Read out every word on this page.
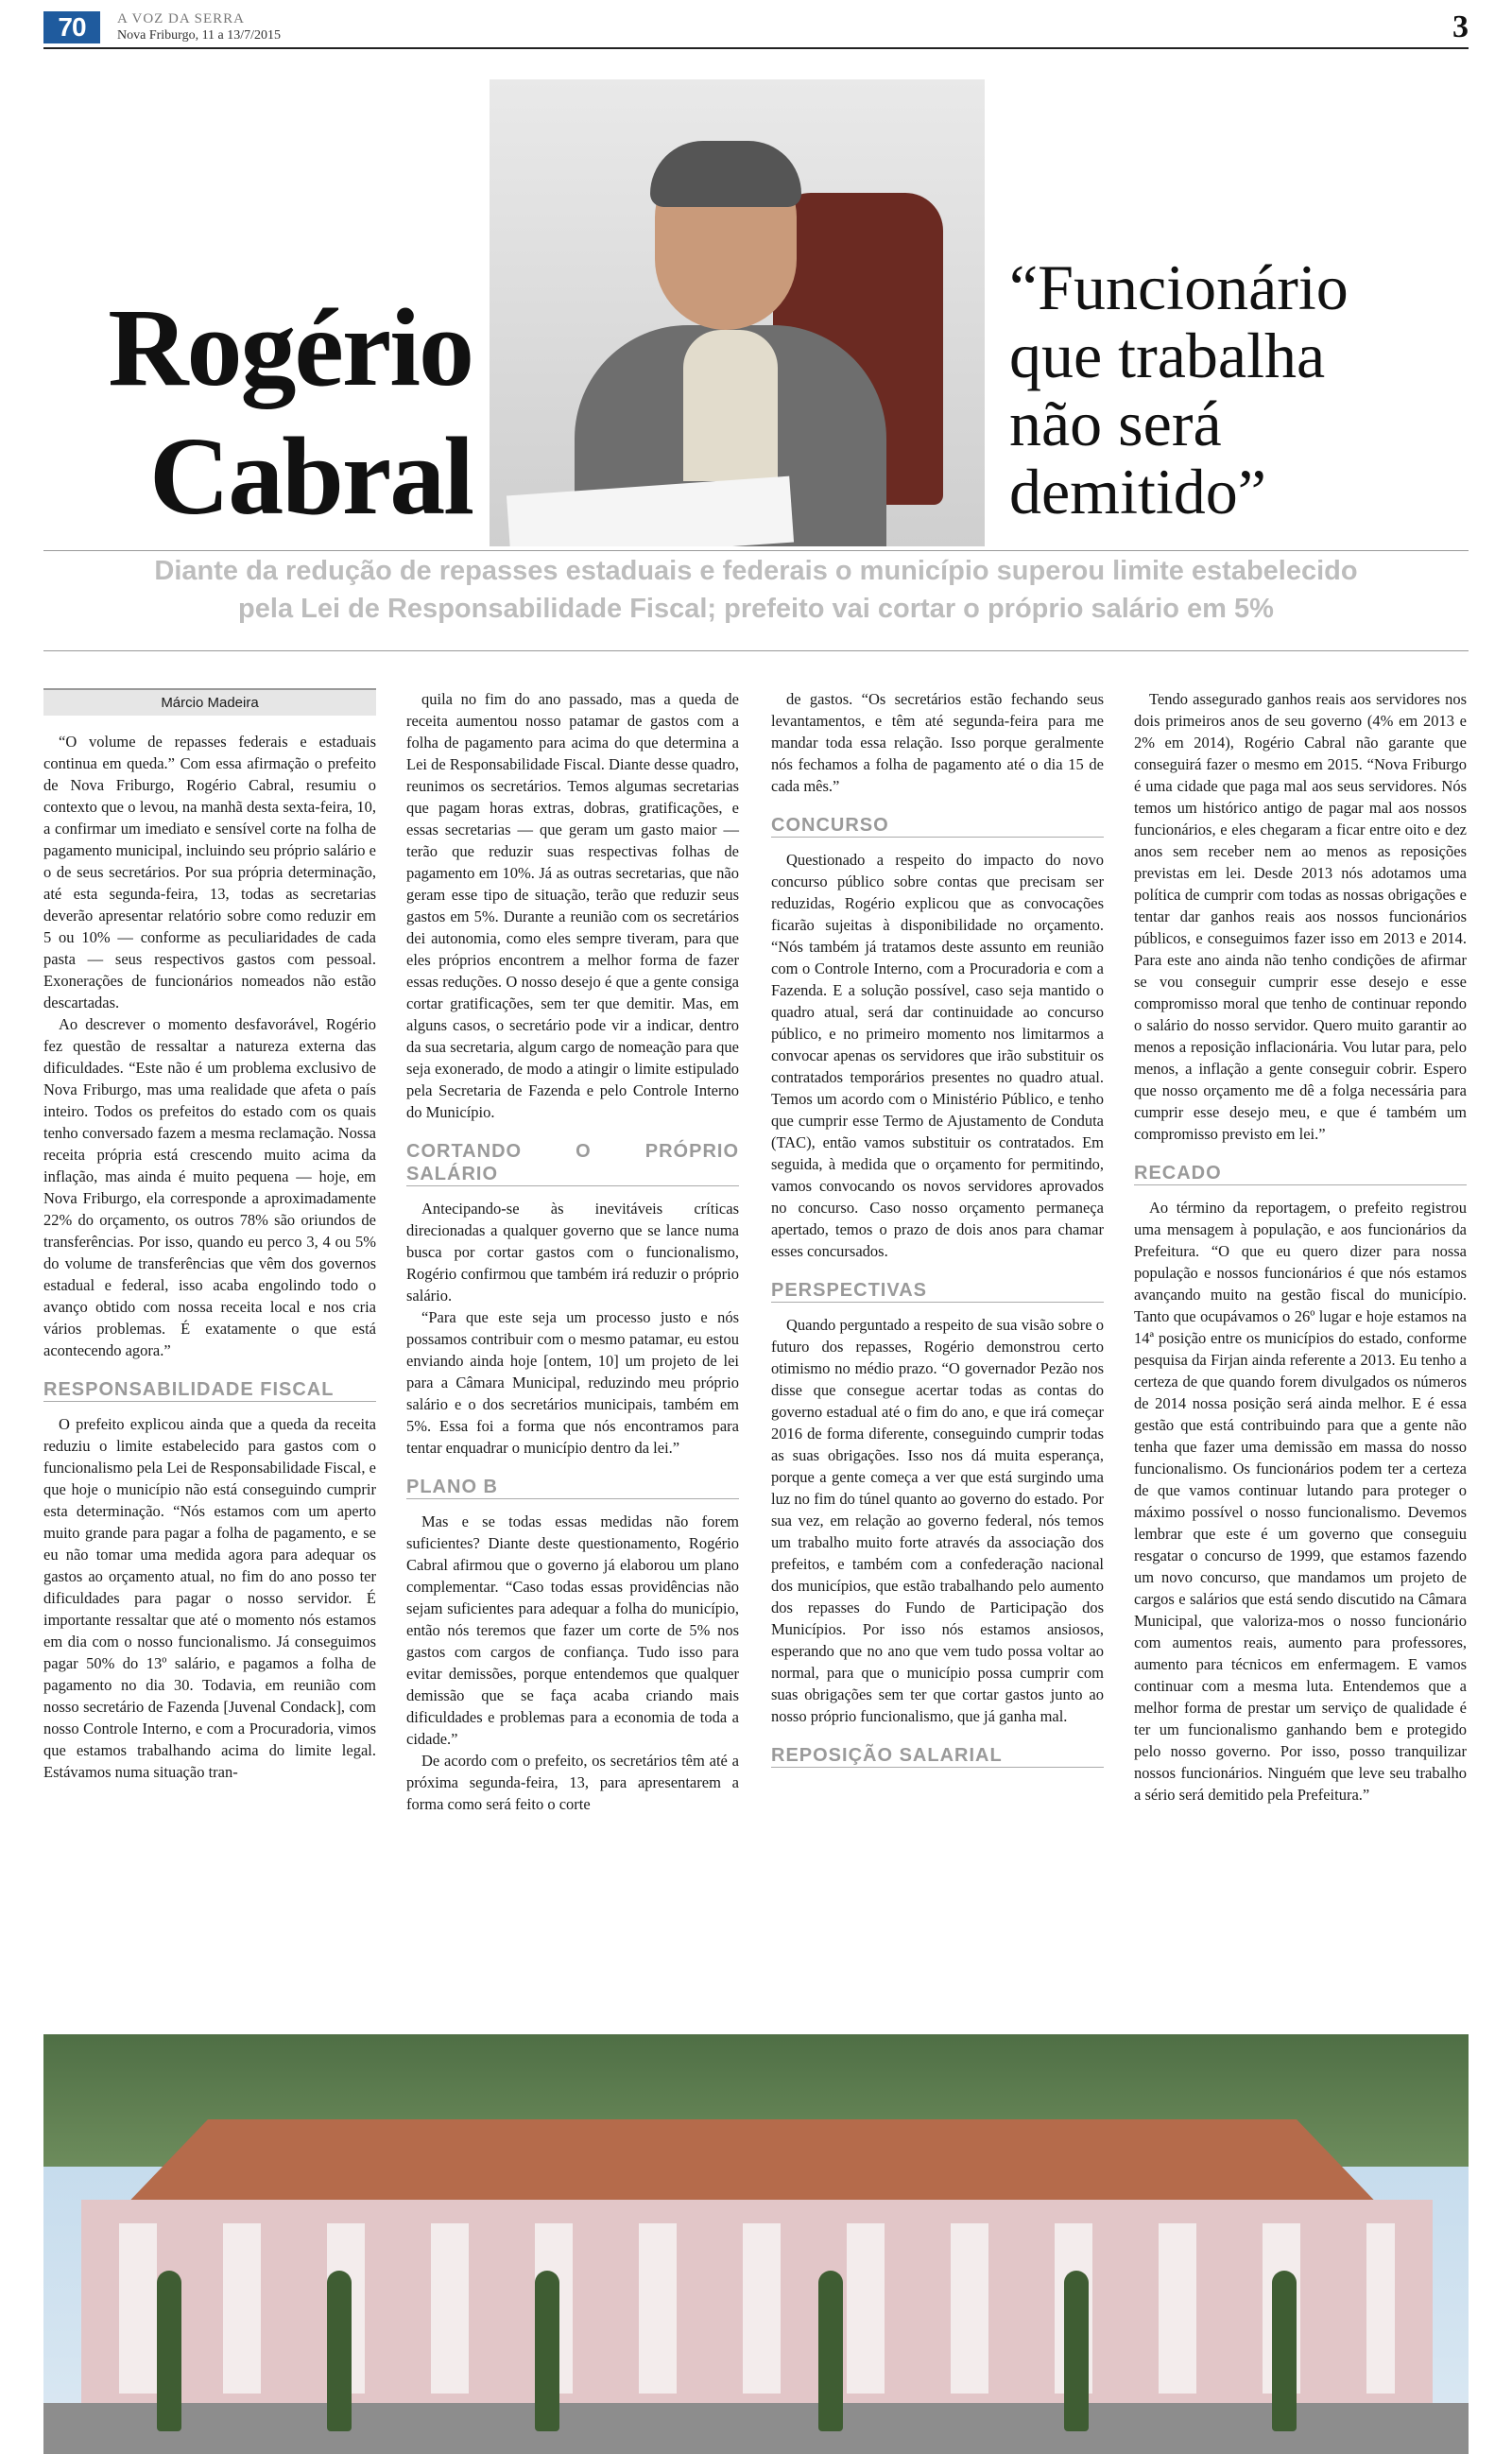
70	A VOZ DA SERRA
Nova Friburgo, 11 a 13/7/2015	3
Rogério
Cabral
“Funcionário
que trabalha
não será
demitido”
Diante da redução de repasses estaduais e federais o município superou limite estabelecido
pela Lei de Responsabilidade Fiscal; prefeito vai cortar o próprio salário em 5%
Márcio Madeira

“O volume de repasses federais e estaduais continua em queda.” Com essa afirmação o prefeito de Nova Friburgo, Rogério Cabral, resumiu o contexto que o levou, na manhã desta sexta-feira, 10, a confirmar um imediato e sensível corte na folha de pagamento municipal, incluindo seu próprio salário e o de seus secretários. Por sua própria determinação, até esta segunda-feira, 13, todas as secretarias deverão apresentar relatório sobre como reduzir em 5 ou 10% — conforme as peculiaridades de cada pasta — seus respectivos gastos com pessoal. Exonerações de funcionários nomeados não estão descartadas.

Ao descrever o momento desfavorável, Rogério fez questão de ressaltar a natureza externa das dificuldades. “Este não é um problema exclusivo de Nova Friburgo, mas uma realidade que afeta o país inteiro. Todos os prefeitos do estado com os quais tenho conversado fazem a mesma reclamação. Nossa receita própria está crescendo muito acima da inflação, mas ainda é muito pequena — hoje, em Nova Friburgo, ela corresponde a aproximadamente 22% do orçamento, os outros 78% são oriundos de transferências. Por isso, quando eu perco 3, 4 ou 5% do volume de transferências que vêm dos governos estadual e federal, isso acaba engolindo todo o avanço obtido com nossa receita local e nos cria vários problemas. É exatamente o que está acontecendo agora.”

RESPONSABILIDADE FISCAL

O prefeito explicou ainda que a queda da receita reduziu o limite estabelecido para gastos com o funcionalismo pela Lei de Responsabilidade Fiscal, e que hoje o município não está conseguindo cumprir esta determinação. “Nós estamos com um aperto muito grande para pagar a folha de pagamento, e se eu não tomar uma medida agora para adequar os gastos ao orçamento atual, no fim do ano posso ter dificuldades para pagar o nosso servidor. É importante ressaltar que até o momento nós estamos em dia com o nosso funcionalismo. Já conseguimos pagar 50% do 13º salário, e pagamos a folha de pagamento no dia 30. Todavia, em reunião com nosso secretário de Fazenda [Juvenal Condack], com nosso Controle Interno, e com a Procuradoria, vimos que estamos trabalhando acima do limite legal. Estávamos numa situação tran-

quila no fim do ano passado, mas a queda de receita aumentou nosso patamar de gastos com a folha de pagamento para acima do que determina a Lei de Responsabilidade Fiscal. Diante desse quadro, reunimos os secretários. Temos algumas secretarias que pagam horas extras, dobras, gratificações, e essas secretarias — que geram um gasto maior — terão que reduzir suas respectivas folhas de pagamento em 10%. Já as outras secretarias, que não geram esse tipo de situação, terão que reduzir seus gastos em 5%. Durante a reunião com os secretários dei autonomia, como eles sempre tiveram, para que eles próprios encontrem a melhor forma de fazer essas reduções. O nosso desejo é que a gente consiga cortar gratificações, sem ter que demitir. Mas, em alguns casos, o secretário pode vir a indicar, dentro da sua secretaria, algum cargo de nomeação para que seja exonerado, de modo a atingir o limite estipulado pela Secretaria de Fazenda e pelo Controle Interno do Município.

CORTANDO O PRÓPRIO SALÁRIO

Antecipando-se às inevitáveis críticas direcionadas a qualquer governo que se lance numa busca por cortar gastos com o funcionalismo, Rogério confirmou que também irá reduzir o próprio salário.

“Para que este seja um processo justo e nós possamos contribuir com o mesmo patamar, eu estou enviando ainda hoje [ontem, 10] um projeto de lei para a Câmara Municipal, reduzindo meu próprio salário e o dos secretários municipais, também em 5%. Essa foi a forma que nós encontramos para tentar enquadrar o município dentro da lei.”

PLANO B

Mas e se todas essas medidas não forem suficientes? Diante deste questionamento, Rogério Cabral afirmou que o governo já elaborou um plano complementar. “Caso todas essas providências não sejam suficientes para adequar a folha do município, então nós teremos que fazer um corte de 5% nos gastos com cargos de confiança. Tudo isso para evitar demissões, porque entendemos que qualquer demissão que se faça acaba criando mais dificuldades e problemas para a economia de toda a cidade.”

De acordo com o prefeito, os secretários têm até a próxima segunda-feira, 13, para apresentarem a forma como será feito o corte

de gastos. “Os secretários estão fechando seus levantamentos, e têm até segunda-feira para me mandar toda essa relação. Isso porque geralmente nós fechamos a folha de pagamento até o dia 15 de cada mês.”

CONCURSO

Questionado a respeito do impacto do novo concurso público sobre contas que precisam ser reduzidas, Rogério explicou que as convocações ficarão sujeitas à disponibilidade no orçamento. “Nós também já tratamos deste assunto em reunião com o Controle Interno, com a Procuradoria e com a Fazenda. E a solução possível, caso seja mantido o quadro atual, será dar continuidade ao concurso público, e no primeiro momento nos limitarmos a convocar apenas os servidores que irão substituir os contratados temporários presentes no quadro atual. Temos um acordo com o Ministério Público, e tenho que cumprir esse Termo de Ajustamento de Conduta (TAC), então vamos substituir os contratados. Em seguida, à medida que o orçamento for permitindo, vamos convocando os novos servidores aprovados no concurso. Caso nosso orçamento permaneça apertado, temos o prazo de dois anos para chamar esses concursados.

PERSPECTIVAS

Quando perguntado a respeito de sua visão sobre o futuro dos repasses, Rogério demonstrou certo otimismo no médio prazo. “O governador Pezão nos disse que consegue acertar todas as contas do governo estadual até o fim do ano, e que irá começar 2016 de forma diferente, conseguindo cumprir todas as suas obrigações. Isso nos dá muita esperança, porque a gente começa a ver que está surgindo uma luz no fim do túnel quanto ao governo do estado. Por sua vez, em relação ao governo federal, nós temos um trabalho muito forte através da associação dos prefeitos, e também com a confederação nacional dos municípios, que estão trabalhando pelo aumento dos repasses do Fundo de Participação dos Municípios. Por isso nós estamos ansiosos, esperando que no ano que vem tudo possa voltar ao normal, para que o município possa cumprir com suas obrigações sem ter que cortar gastos junto ao nosso próprio funcionalismo, que já ganha mal.

REPOSIÇÃO SALARIAL

Tendo assegurado ganhos reais aos servidores nos dois primeiros anos de seu governo (4% em 2013 e 2% em 2014), Rogério Cabral não garante que conseguirá fazer o mesmo em 2015. “Nova Friburgo é uma cidade que paga mal aos seus servidores. Nós temos um histórico antigo de pagar mal aos nossos funcionários, e eles chegaram a ficar entre oito e dez anos sem receber nem ao menos as reposições previstas em lei. Desde 2013 nós adotamos uma política de cumprir com todas as nossas obrigações e tentar dar ganhos reais aos nossos funcionários públicos, e conseguimos fazer isso em 2013 e 2014. Para este ano ainda não tenho condições de afirmar se vou conseguir cumprir esse desejo e esse compromisso moral que tenho de continuar repondo o salário do nosso servidor. Quero muito garantir ao menos a reposição inflacionária. Vou lutar para, pelo menos, a inflação a gente conseguir cobrir. Espero que nosso orçamento me dê a folga necessária para cumprir esse desejo meu, e que é também um compromisso previsto em lei.”

RECADO

Ao término da reportagem, o prefeito registrou uma mensagem à população, e aos funcionários da Prefeitura. “O que eu quero dizer para nossa população e nossos funcionários é que nós estamos avançando muito na gestão fiscal do município. Tanto que ocupávamos o 26º lugar e hoje estamos na 14ª posição entre os municípios do estado, conforme pesquisa da Firjan ainda referente a 2013. Eu tenho a certeza de que quando forem divulgados os números de 2014 nossa posição será ainda melhor. E é essa gestão que está contribuindo para que a gente não tenha que fazer uma demissão em massa do nosso funcionalismo. Os funcionários podem ter a certeza de que vamos continuar lutando para proteger o máximo possível o nosso funcionalismo. Devemos lembrar que este é um governo que conseguiu resgatar o concurso de 1999, que estamos fazendo um novo concurso, que mandamos um projeto de cargos e salários que está sendo discutido na Câmara Municipal, que valoriza-mos o nosso funcionário com aumentos reais, aumento para professores, aumento para técnicos em enfermagem. E vamos continuar com a mesma luta. Entendemos que a melhor forma de prestar um serviço de qualidade é ter um funcionalismo ganhando bem e protegido pelo nosso governo. Por isso, posso tranquilizar nossos funcionários. Ninguém que leve seu trabalho a sério será demitido pela Prefeitura.”
